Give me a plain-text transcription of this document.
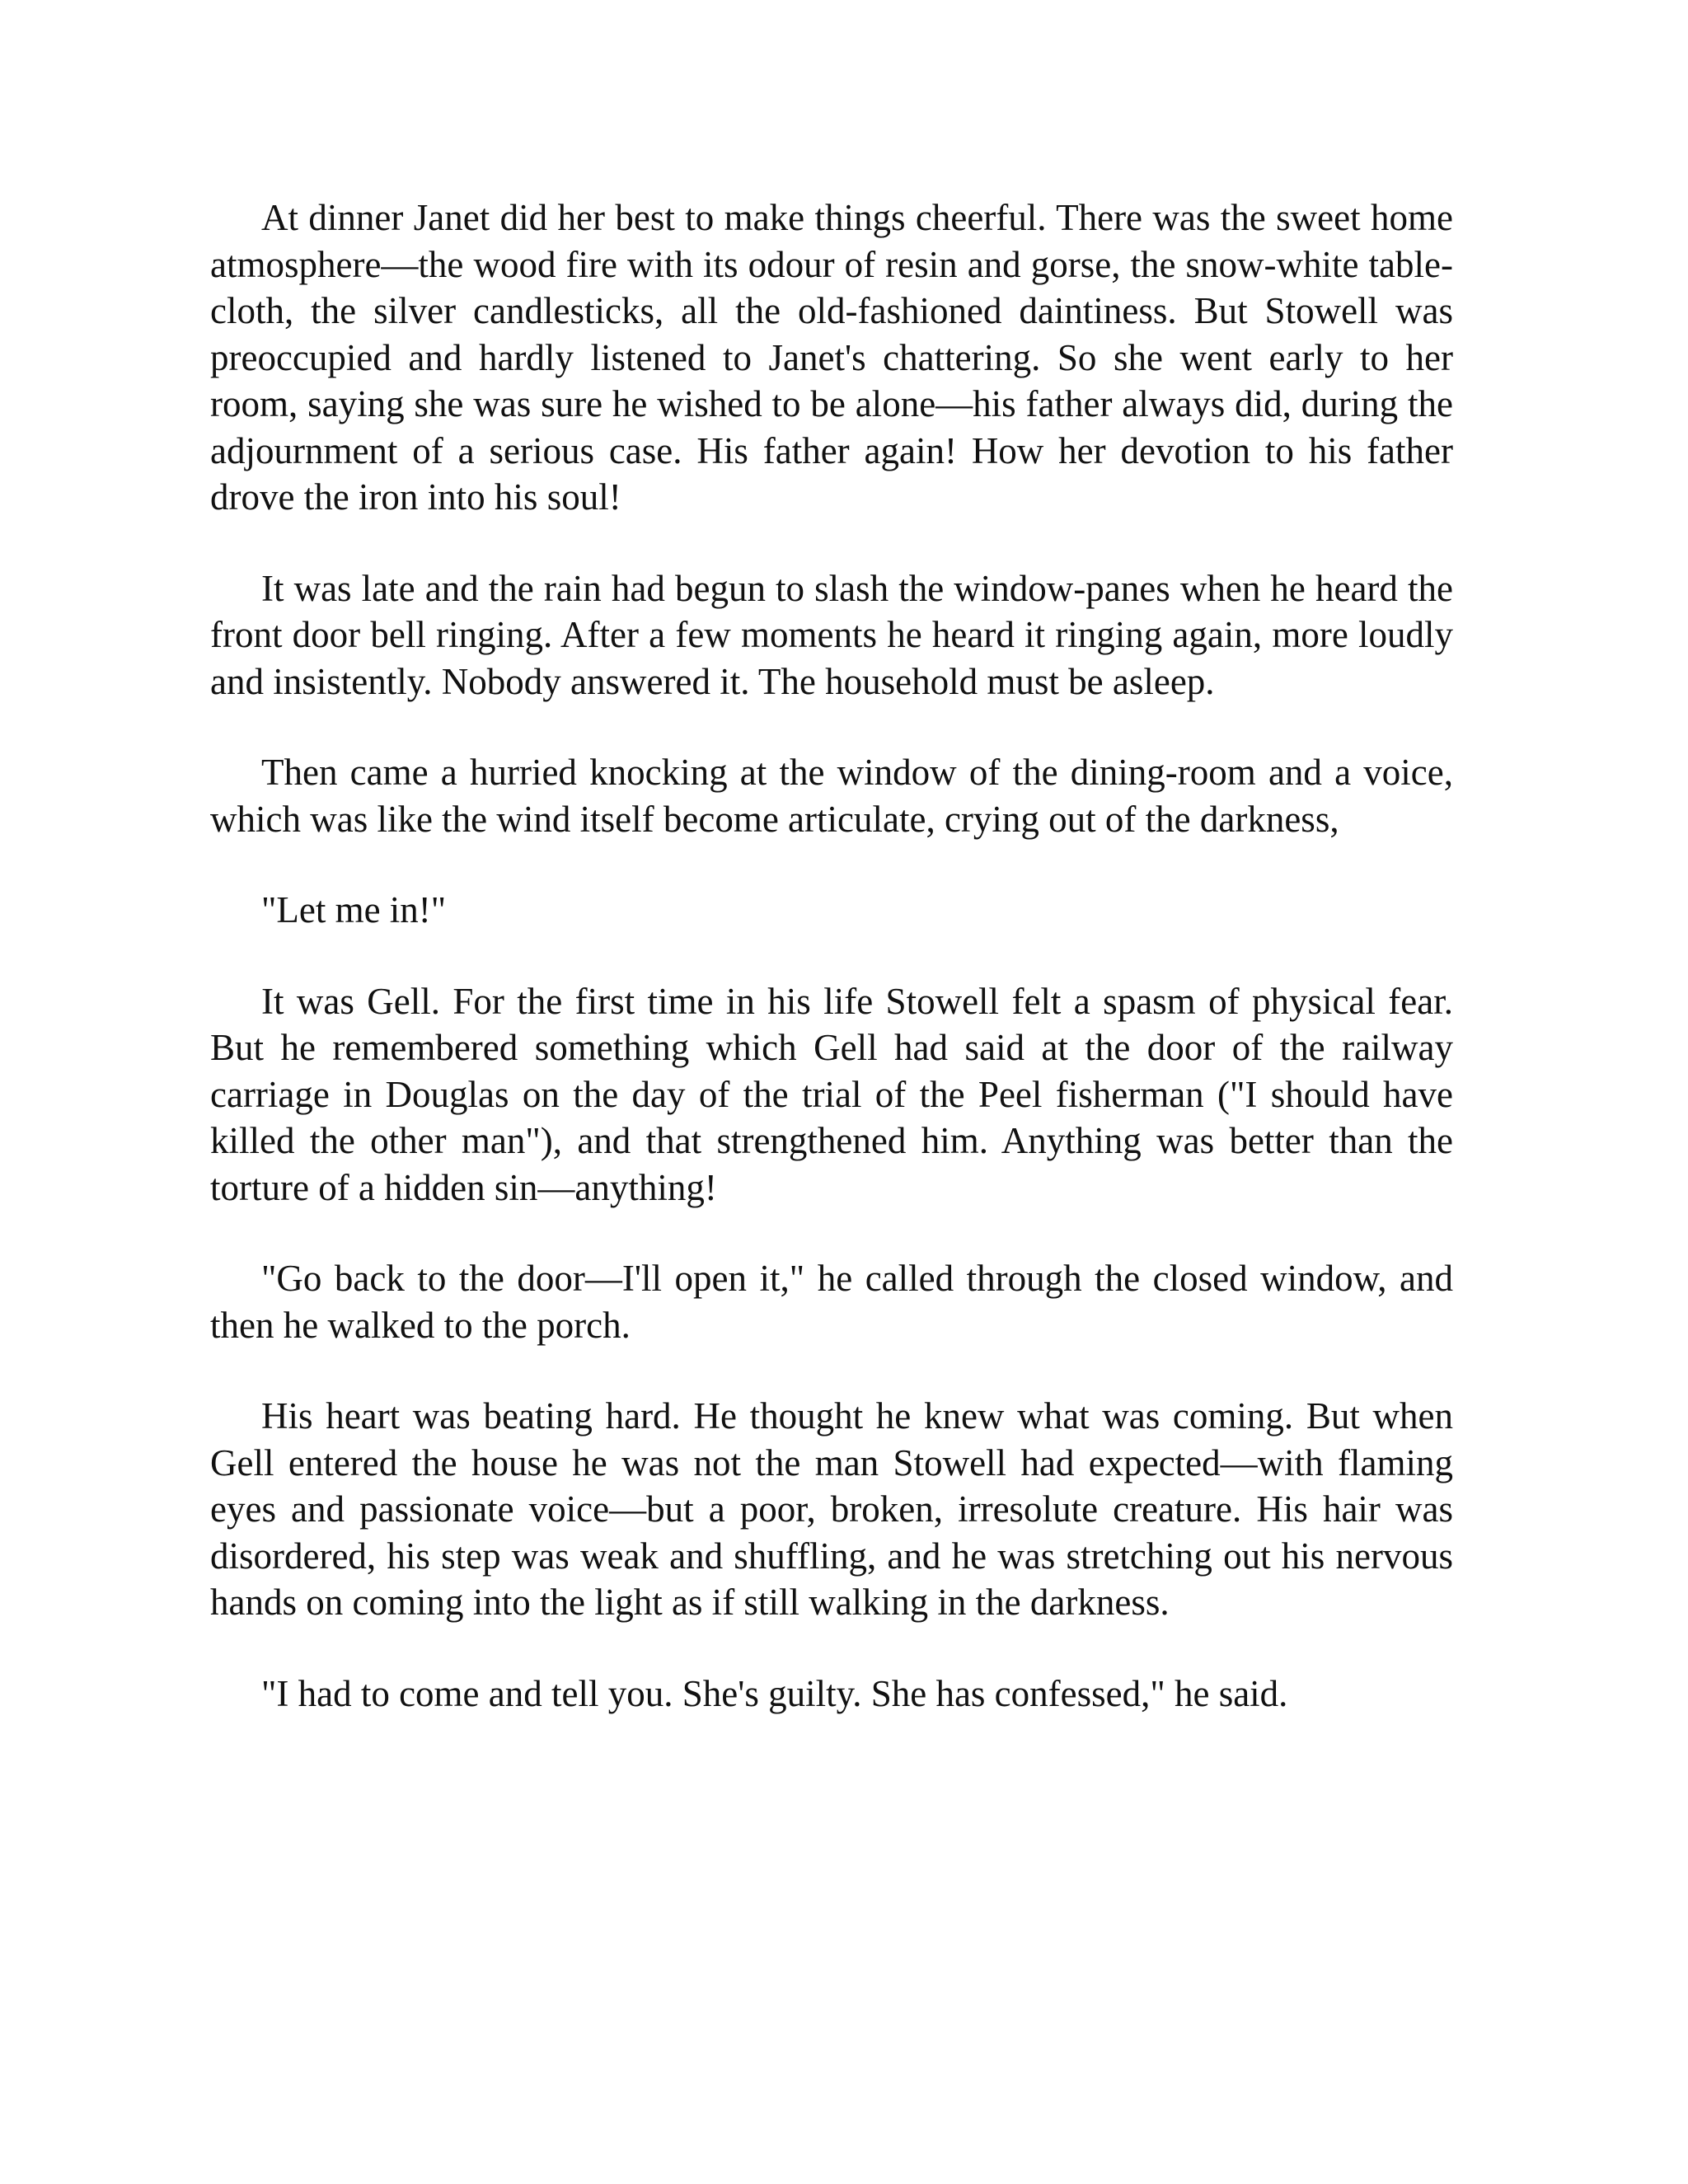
At dinner Janet did her best to make things cheerful. There was the sweet home atmosphere—the wood fire with its odour of resin and gorse, the snow-white table-cloth, the silver candlesticks, all the old-fashioned daintiness. But Stowell was preoccupied and hardly listened to Janet's chattering. So she went early to her room, saying she was sure he wished to be alone—his father always did, during the adjournment of a serious case. His father again! How her devotion to his father drove the iron into his soul!

It was late and the rain had begun to slash the window-panes when he heard the front door bell ringing. After a few moments he heard it ringing again, more loudly and insistently. Nobody answered it. The household must be asleep.

Then came a hurried knocking at the window of the dining-room and a voice, which was like the wind itself become articulate, crying out of the darkness,

"Let me in!"

It was Gell. For the first time in his life Stowell felt a spasm of physical fear. But he remembered something which Gell had said at the door of the railway carriage in Douglas on the day of the trial of the Peel fisherman ("I should have killed the other man"), and that strengthened him. Anything was better than the torture of a hidden sin—anything!

"Go back to the door—I'll open it," he called through the closed window, and then he walked to the porch.

His heart was beating hard. He thought he knew what was coming. But when Gell entered the house he was not the man Stowell had expected—with flaming eyes and passionate voice—but a poor, broken, irresolute creature. His hair was disordered, his step was weak and shuffling, and he was stretching out his nervous hands on coming into the light as if still walking in the darkness.

"I had to come and tell you. She's guilty. She has confessed," he said.
